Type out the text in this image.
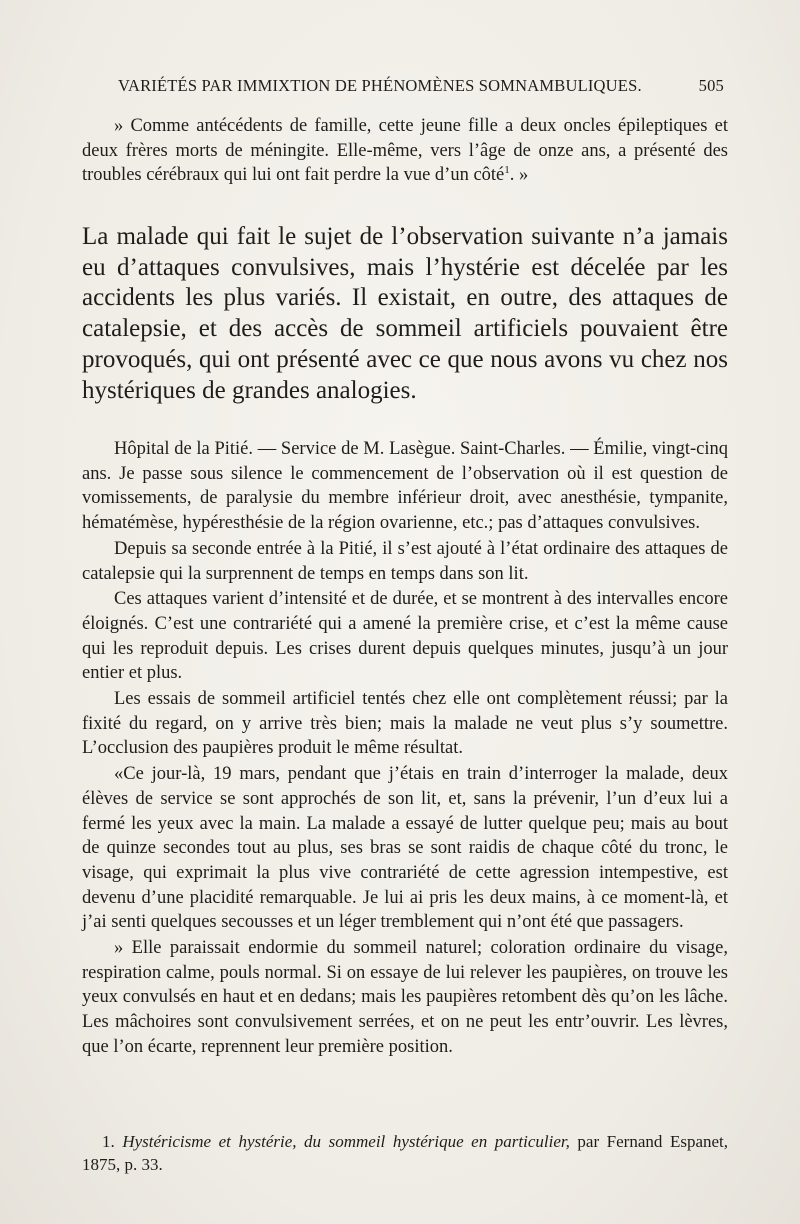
VARIÉTÉS PAR IMMIXTION DE PHÉNOMÈNES SOMNAMBULIQUES.	505

» Comme antécédents de famille, cette jeune fille a deux oncles épileptiques et deux frères morts de méningite. Elle-même, vers l’âge de onze ans, a présenté des troubles cérébraux qui lui ont fait perdre la vue d’un côté$^1$. »

La malade qui fait le sujet de l’observation suivante n’a jamais eu d’attaques convulsives, mais l’hystérie est décelée par les accidents les plus variés. Il existait, en outre, des attaques de catalepsie, et des accès de sommeil artificiels pouvaient être provoqués, qui ont présenté avec ce que nous avons vu chez nos hystériques de grandes analogies.

Hôpital de la Pitié. — Service de M. Lasègue. Saint-Charles. — Émilie, vingt-cinq ans. Je passe sous silence le commencement de l’observation où il est question de vomissements, de paralysie du membre inférieur droit, avec anesthésie, tympanite, hématémèse, hypéresthésie de la région ovarienne, etc.; pas d’attaques convulsives.

Depuis sa seconde entrée à la Pitié, il s’est ajouté à l’état ordinaire des attaques de catalepsie qui la surprennent de temps en temps dans son lit.

Ces attaques varient d’intensité et de durée, et se montrent à des intervalles encore éloignés. C’est une contrariété qui a amené la première crise, et c’est la même cause qui les reproduit depuis. Les crises durent depuis quelques minutes, jusqu’à un jour entier et plus.

Les essais de sommeil artificiel tentés chez elle ont complètement réussi; par la fixité du regard, on y arrive très bien; mais la malade ne veut plus s’y soumettre. L’occlusion des paupières produit le même résultat.

«Ce jour-là, 19 mars, pendant que j’étais en train d’interroger la malade, deux élèves de service se sont approchés de son lit, et, sans la prévenir, l’un d’eux lui a fermé les yeux avec la main. La malade a essayé de lutter quelque peu; mais au bout de quinze secondes tout au plus, ses bras se sont raidis de chaque côté du tronc, le visage, qui exprimait la plus vive contrariété de cette agression intempestive, est devenu d’une placidité remarquable. Je lui ai pris les deux mains, à ce moment-là, et j’ai senti quelques secousses et un léger tremblement qui n’ont été que passagers.

» Elle paraissait endormie du sommeil naturel; coloration ordinaire du visage, respiration calme, pouls normal. Si on essaye de lui relever les paupières, on trouve les yeux convulsés en haut et en dedans; mais les paupières retombent dès qu’on les lâche. Les mâchoires sont convulsivement serrées, et on ne peut les entr’ouvrir. Les lèvres, que l’on écarte, reprennent leur première position.

1. Hystéricisme et hystérie, du sommeil hystérique en particulier, par Fernand Espanet, 1875, p. 33.
